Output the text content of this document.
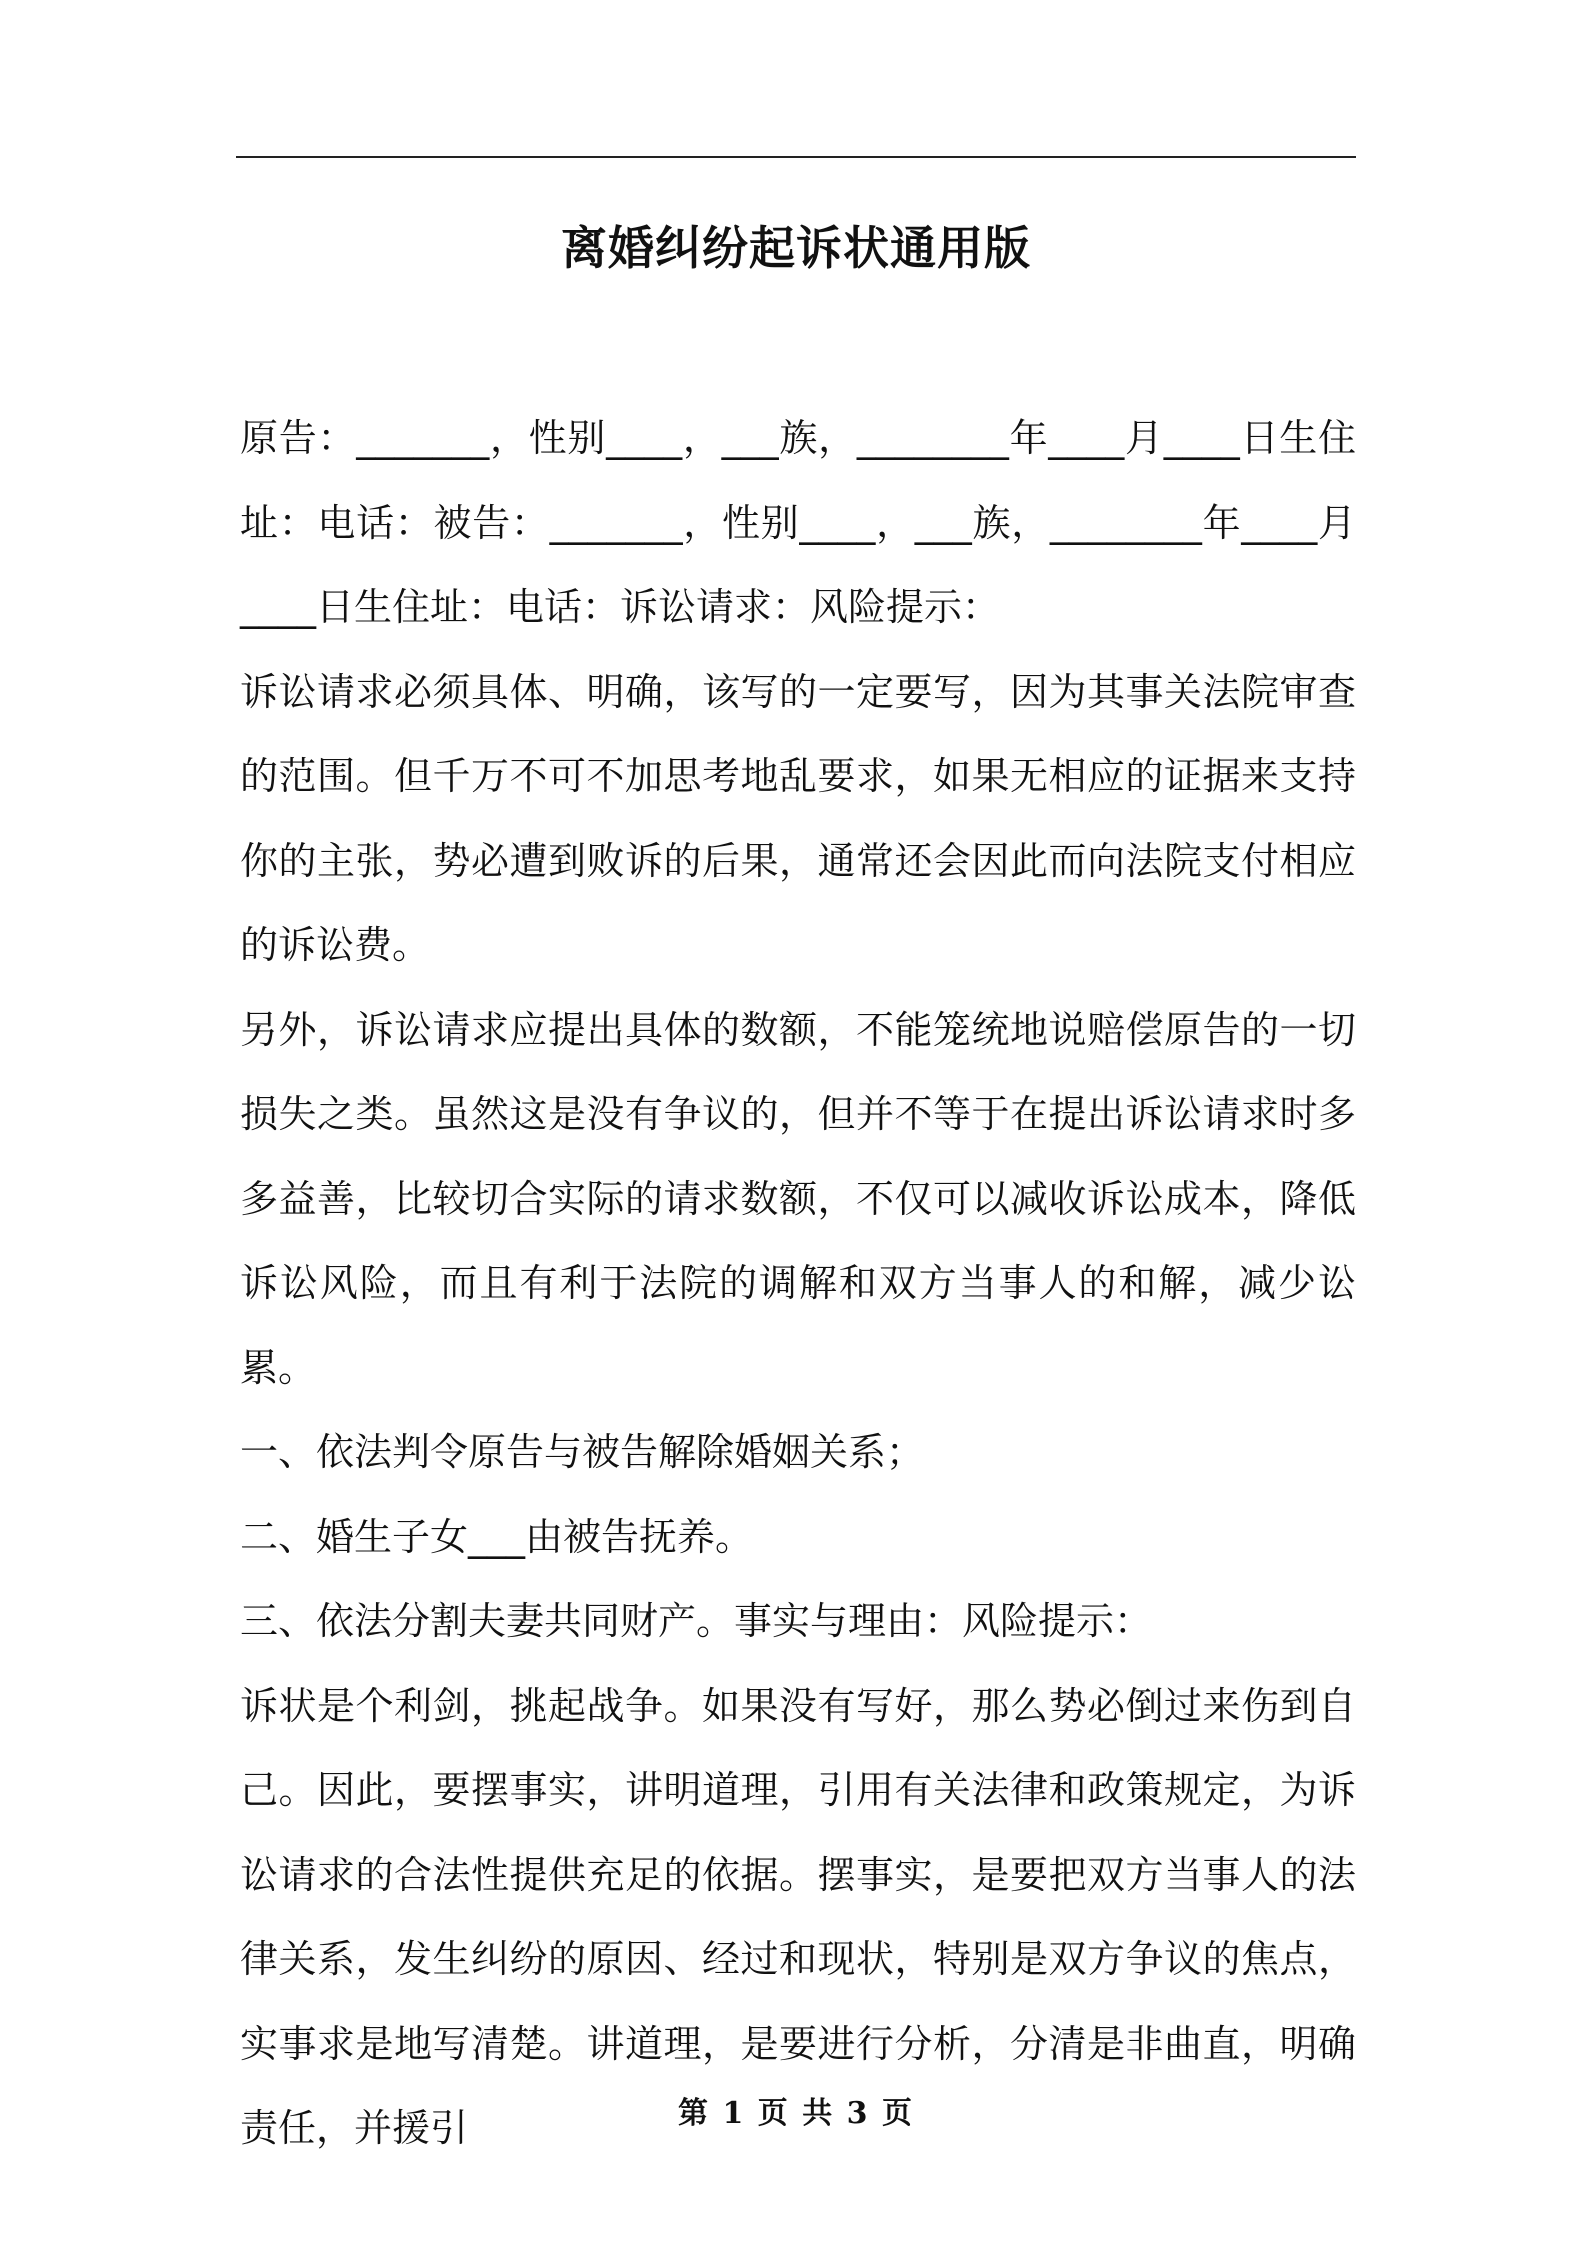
离婚纠纷起诉状通用版

原告：_______，性别____，___族，________年____月____日生住址：电话：被告：_______，性别____，___族，________年____月____日生住址：电话：诉讼请求：风险提示：

诉讼请求必须具体、明确，该写的一定要写，因为其事关法院审查的范围。但千万不可不加思考地乱要求，如果无相应的证据来支持你的主张，势必遭到败诉的后果，通常还会因此而向法院支付相应的诉讼费。

另外，诉讼请求应提出具体的数额，不能笼统地说赔偿原告的一切损失之类。虽然这是没有争议的，但并不等于在提出诉讼请求时多多益善，比较切合实际的请求数额，不仅可以减收诉讼成本，降低诉讼风险，而且有利于法院的调解和双方当事人的和解，减少讼累。

一、依法判令原告与被告解除婚姻关系；

二、婚生子女___由被告抚养。

三、依法分割夫妻共同财产。事实与理由：风险提示：

诉状是个利剑，挑起战争。如果没有写好，那么势必倒过来伤到自己。因此，要摆事实，讲明道理，引用有关法律和政策规定，为诉讼请求的合法性提供充足的依据。摆事实，是要把双方当事人的法律关系，发生纠纷的原因、经过和现状，特别是双方争议的焦点，实事求是地写清楚。讲道理，是要进行分析，分清是非曲直，明确责任，并援引	第 1 页 共 3 页
